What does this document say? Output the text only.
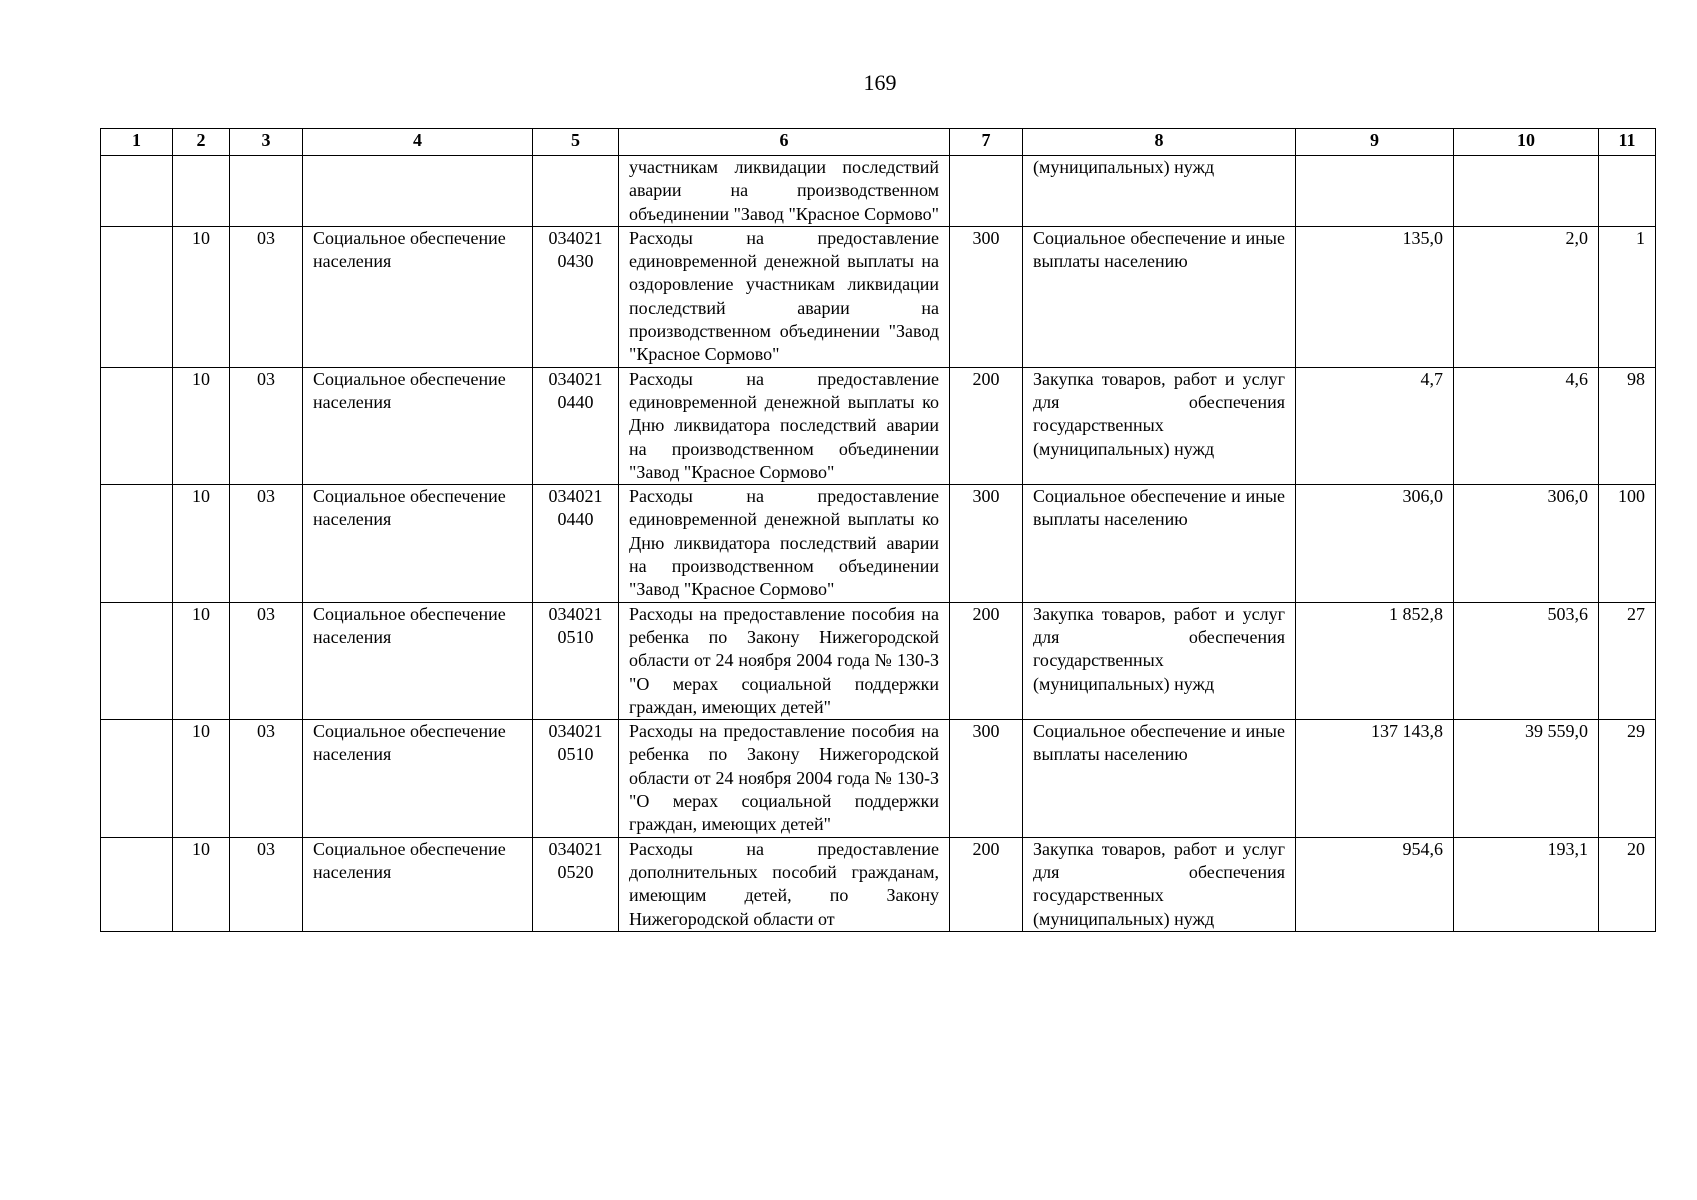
169
1	2	3	4	5	6	7	8	9	10	11
					участникам ликвидации последствий аварии на производственном объединении "Завод "Красное Сормово"		(муниципальных) нужд			
	10	03	Социальное обеспечение населения	034021 0430	Расходы на предоставление единовременной денежной выплаты на оздоровление участникам ликвидации последствий аварии на производственном объединении "Завод "Красное Сормово"	300	Социальное обеспечение и иные выплаты населению	135,0	2,0	1
	10	03	Социальное обеспечение населения	034021 0440	Расходы на предоставление единовременной денежной выплаты ко Дню ликвидатора последствий аварии на производственном объединении "Завод "Красное Сормово"	200	Закупка товаров, работ и услуг для обеспечения государственных (муниципальных) нужд	4,7	4,6	98
	10	03	Социальное обеспечение населения	034021 0440	Расходы на предоставление единовременной денежной выплаты ко Дню ликвидатора последствий аварии на производственном объединении "Завод "Красное Сормово"	300	Социальное обеспечение и иные выплаты населению	306,0	306,0	100
	10	03	Социальное обеспечение населения	034021 0510	Расходы на предоставление пособия на ребенка по Закону Нижегородской области от 24 ноября 2004 года № 130-З "О мерах социальной поддержки граждан, имеющих детей"	200	Закупка товаров, работ и услуг для обеспечения государственных (муниципальных) нужд	1 852,8	503,6	27
	10	03	Социальное обеспечение населения	034021 0510	Расходы на предоставление пособия на ребенка по Закону Нижегородской области от 24 ноября 2004 года № 130-З "О мерах социальной поддержки граждан, имеющих детей"	300	Социальное обеспечение и иные выплаты населению	137 143,8	39 559,0	29
	10	03	Социальное обеспечение населения	034021 0520	Расходы на предоставление дополнительных пособий гражданам, имеющим детей, по Закону Нижегородской области от	200	Закупка товаров, работ и услуг для обеспечения государственных (муниципальных) нужд	954,6	193,1	20
